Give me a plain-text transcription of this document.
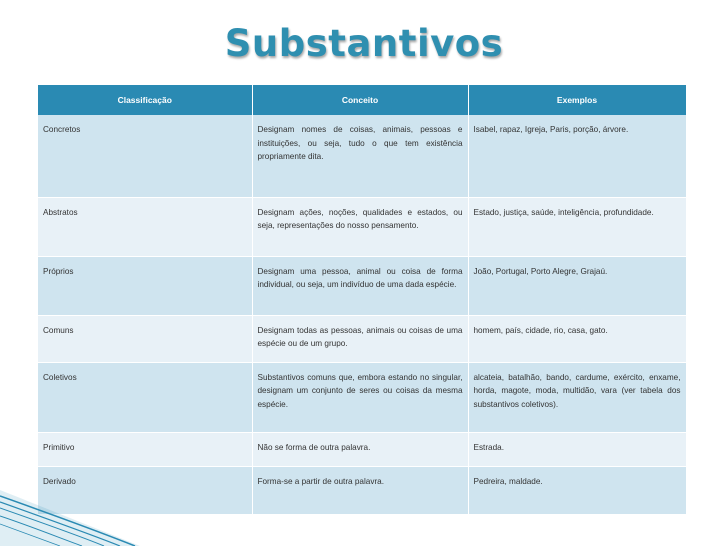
Substantivos
Classificação	Conceito	Exemplos
Concretos	Designam nomes de coisas, animais, pessoas e instituições, ou seja, tudo o que tem existência propriamente dita.	Isabel, rapaz, Igreja, Paris, porção, árvore.
Abstratos	Designam ações, noções, qualidades e estados, ou seja, representações do nosso pensamento.	Estado, justiça, saúde, inteligência, profundidade.
Próprios	Designam uma pessoa, animal ou coisa de forma individual, ou seja, um indivíduo de uma dada espécie.	João, Portugal, Porto Alegre, Grajaú.
Comuns	Designam todas as pessoas, animais ou coisas de uma espécie ou de um grupo.	homem, país, cidade, rio, casa, gato.
Coletivos	Substantivos comuns que, embora estando no singular, designam um conjunto de seres ou coisas da mesma espécie.	alcateia, batalhão, bando, cardume, exército, enxame, horda, magote, moda, multidão, vara (ver tabela dos substantivos coletivos).
Primitivo	Não se forma de outra palavra.	Estrada.
Derivado	Forma-se a partir de outra palavra.	Pedreira, maldade.
